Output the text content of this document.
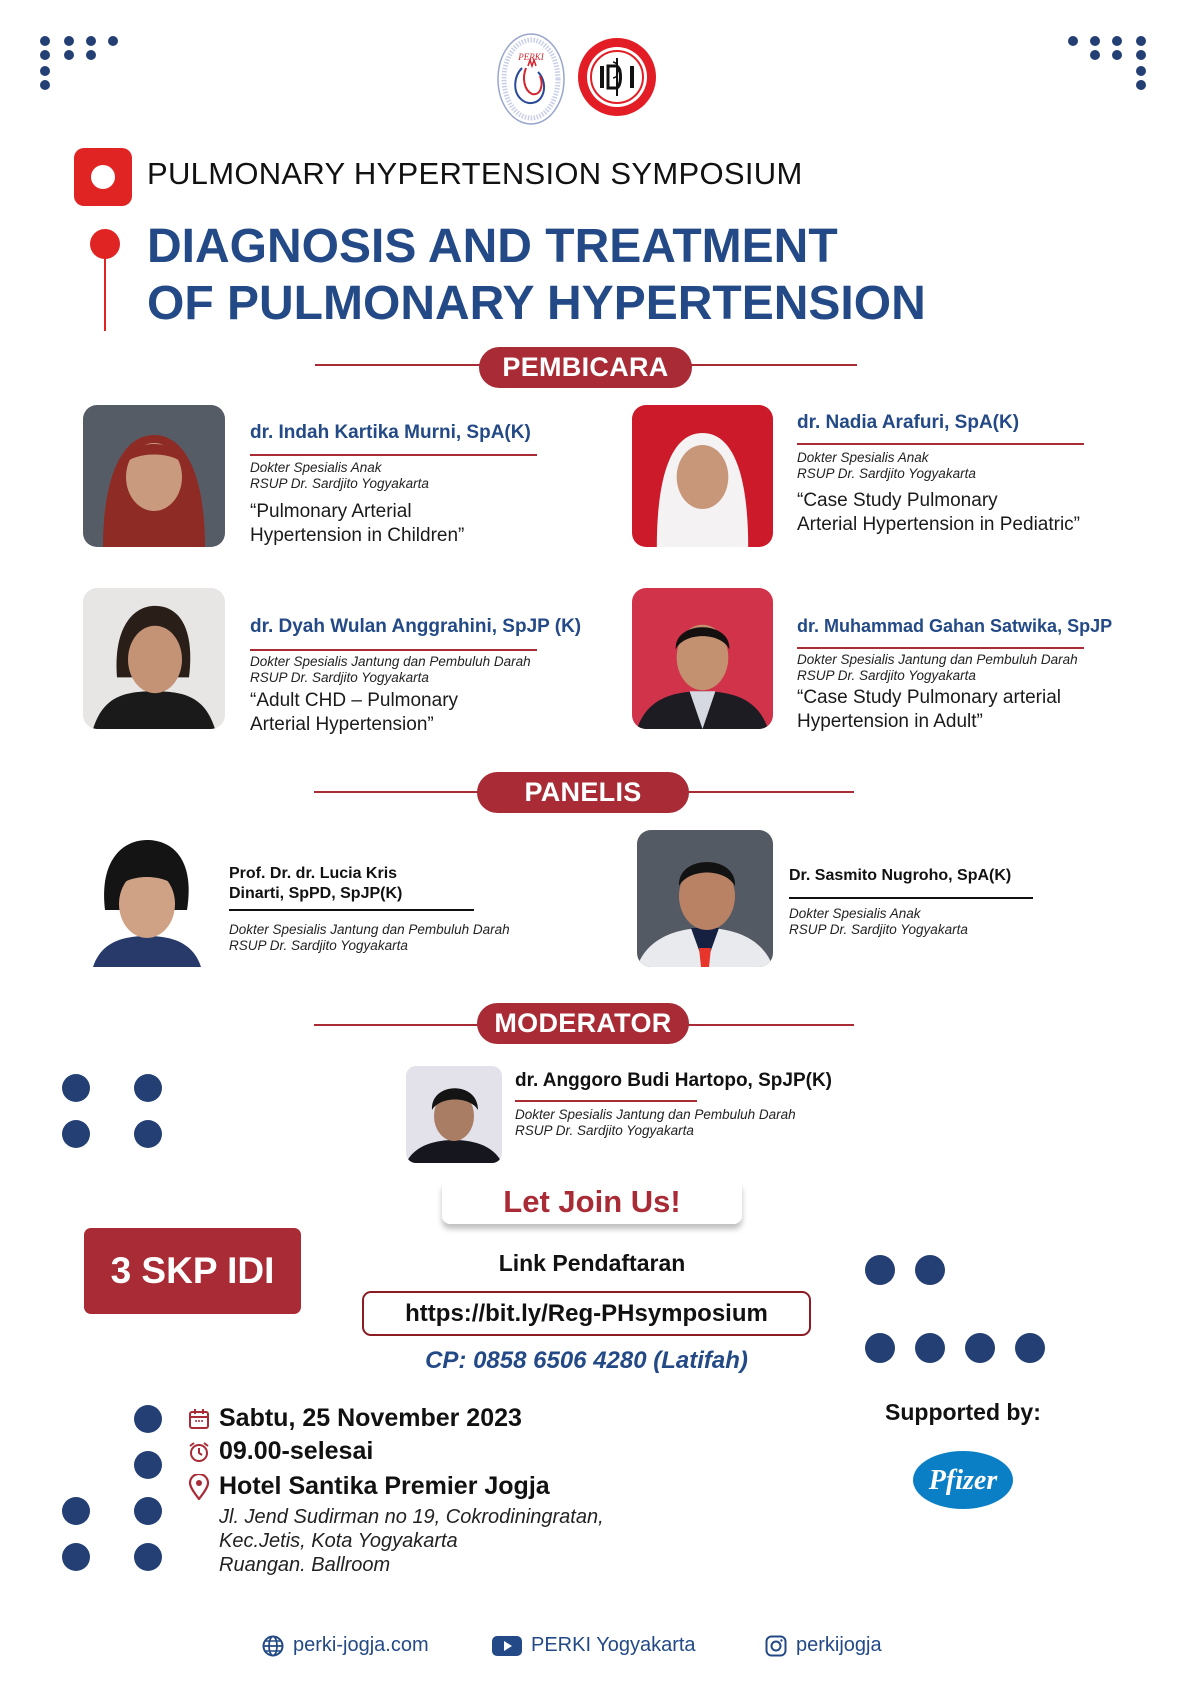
PERKI
PULMONARY HYPERTENSION SYMPOSIUM
DIAGNOSIS AND TREATMENT
OF PULMONARY HYPERTENSION
PEMBICARA
dr. Indah Kartika Murni, SpA(K)
Dokter Spesialis Anak
RSUP Dr. Sardjito Yogyakarta
“Pulmonary Arterial
Hypertension in Children”
dr. Nadia Arafuri, SpA(K)
Dokter Spesialis Anak
RSUP Dr. Sardjito Yogyakarta
“Case Study Pulmonary
Arterial Hypertension in Pediatric”
dr. Dyah Wulan Anggrahini, SpJP (K)
Dokter Spesialis Jantung dan Pembuluh Darah
RSUP Dr. Sardjito Yogyakarta
“Adult CHD – Pulmonary
Arterial Hypertension”
dr. Muhammad Gahan Satwika, SpJP
Dokter Spesialis Jantung dan Pembuluh Darah
RSUP Dr. Sardjito Yogyakarta
“Case Study Pulmonary arterial
Hypertension in Adult”
PANELIS
Prof. Dr. dr. Lucia Kris
Dinarti, SpPD, SpJP(K)
Dokter Spesialis Jantung dan Pembuluh Darah
RSUP Dr. Sardjito Yogyakarta
Dr. Sasmito Nugroho, SpA(K)
Dokter Spesialis Anak
RSUP Dr. Sardjito Yogyakarta
MODERATOR
dr. Anggoro Budi Hartopo, SpJP(K)
Dokter Spesialis Jantung dan Pembuluh Darah
RSUP Dr. Sardjito Yogyakarta
3 SKP IDI
Let Join Us!
Link Pendaftaran
https://bit.ly/Reg-PHsymposium
CP: 0858 6506 4280 (Latifah)
Sabtu, 25 November 2023
09.00-selesai
Hotel Santika Premier Jogja
Jl. Jend Sudirman no 19, Cokrodiningratan,
Kec.Jetis, Kota Yogyakarta
Ruangan. Ballroom
Supported by:
Pfizer
perki-jogja.com	PERKI Yogyakarta	perkijogja
